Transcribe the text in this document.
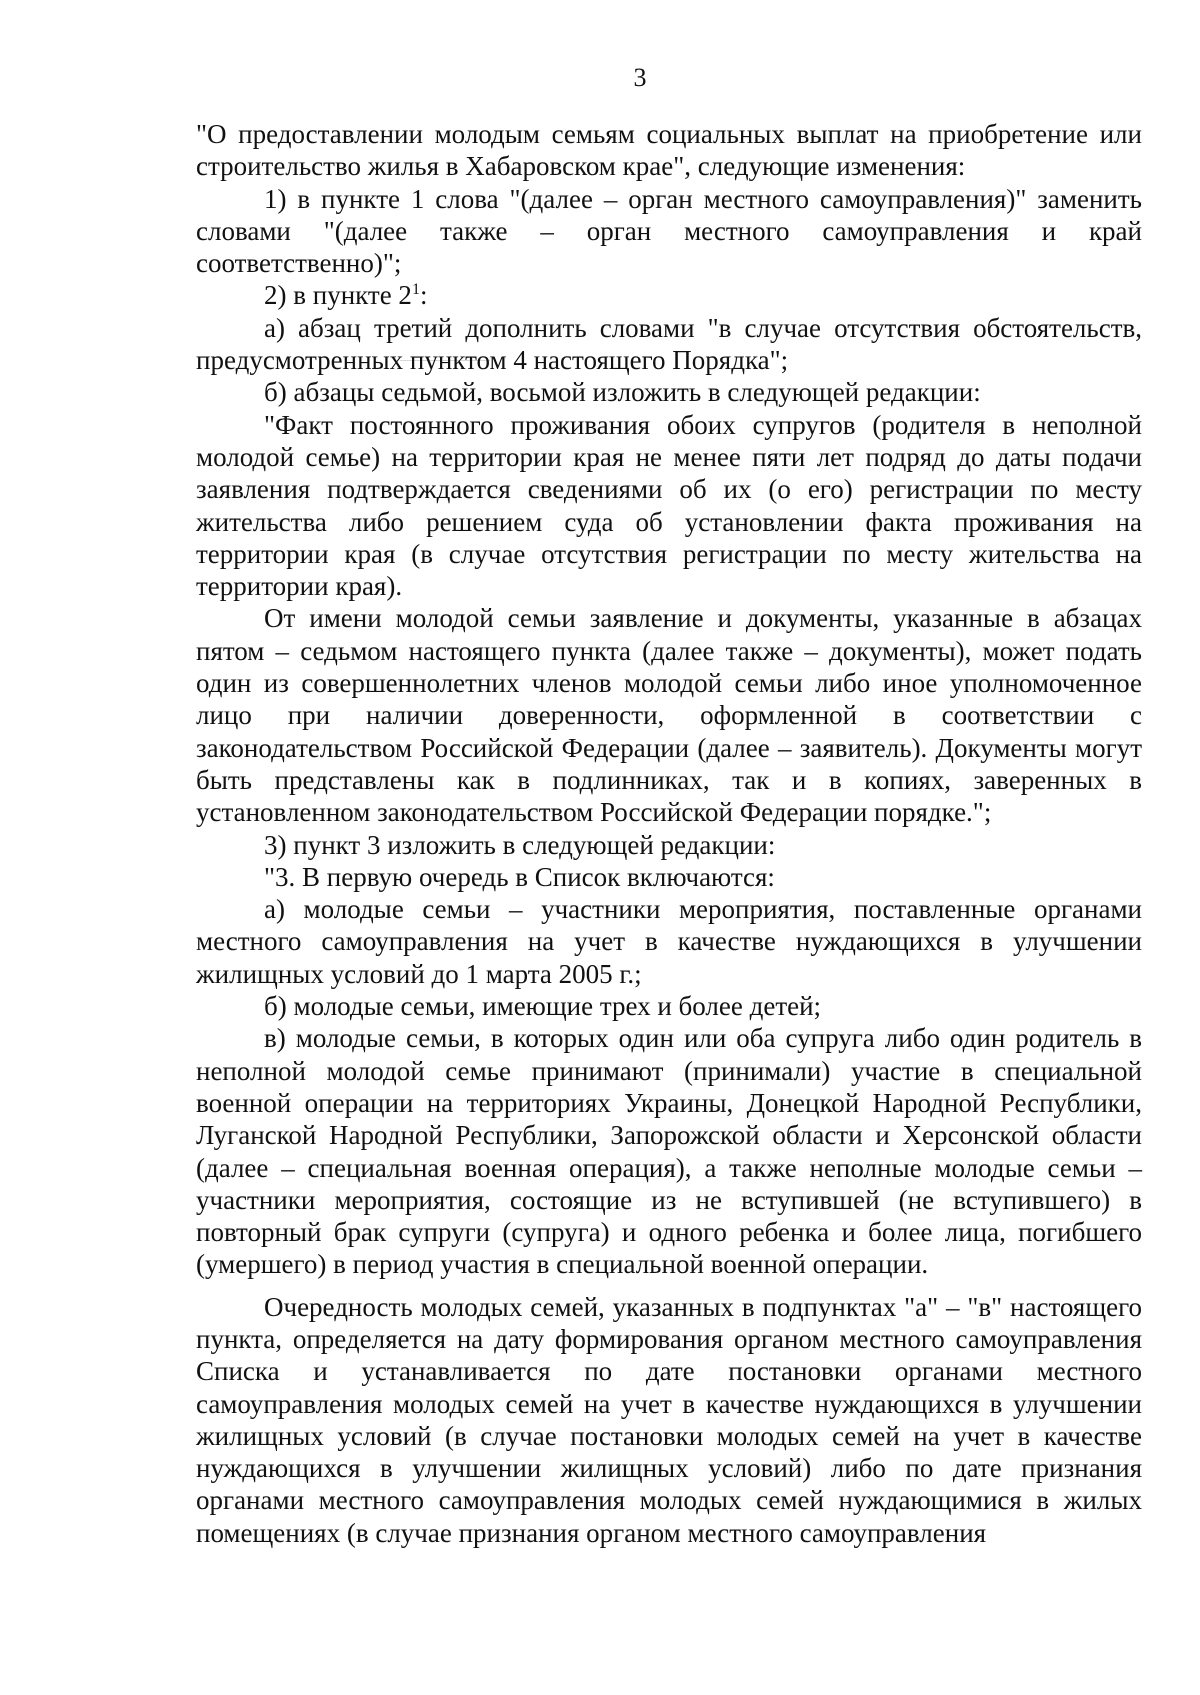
3

"О предоставлении молодым семьям социальных выплат на приобретение или строительство жилья в Хабаровском крае", следующие изменения:

1) в пункте 1 слова "(далее – орган местного самоуправления)" заменить словами "(далее также – орган местного самоуправления и край соответственно)";

2) в пункте $2^1$:

а) абзац третий дополнить словами "в случае отсутствия обстоятельств, предусмотренных пунктом 4 настоящего Порядка";

б) абзацы седьмой, восьмой изложить в следующей редакции:

"Факт постоянного проживания обоих супругов (родителя в неполной молодой семье) на территории края не менее пяти лет подряд до даты подачи заявления подтверждается сведениями об их (о его) регистрации по месту жительства либо решением суда об установлении факта проживания на территории края (в случае отсутствия регистрации по месту жительства на территории края).

От имени молодой семьи заявление и документы, указанные в абзацах пятом – седьмом настоящего пункта (далее также – документы), может подать один из совершеннолетних членов молодой семьи либо иное уполномоченное лицо при наличии доверенности, оформленной в соответствии с законодательством Российской Федерации (далее – заявитель). Документы могут быть представлены как в подлинниках, так и в копиях, заверенных в установленном законодательством Российской Федерации порядке.";

3) пункт 3 изложить в следующей редакции:

"3. В первую очередь в Список включаются:

а) молодые семьи – участники мероприятия, поставленные органами местного самоуправления на учет в качестве нуждающихся в улучшении жилищных условий до 1 марта 2005 г.;

б) молодые семьи, имеющие трех и более детей;

в) молодые семьи, в которых один или оба супруга либо один родитель в неполной молодой семье принимают (принимали) участие в специальной военной операции на территориях Украины, Донецкой Народной Республики, Луганской Народной Республики, Запорожской области и Херсонской области (далее – специальная военная операция), а также неполные молодые семьи – участники мероприятия, состоящие из не вступившей (не вступившего) в повторный брак супруги (супруга) и одного ребенка и более лица, погибшего (умершего) в период участия в специальной военной операции.

Очередность молодых семей, указанных в подпунктах "а" – "в" настоящего пункта, определяется на дату формирования органом местного самоуправления Списка и устанавливается по дате постановки органами местного самоуправления молодых семей на учет в качестве нуждающихся в улучшении жилищных условий (в случае постановки молодых семей на учет в качестве нуждающихся в улучшении жилищных условий) либо по дате признания органами местного самоуправления молодых семей нуждающимися в жилых помещениях (в случае признания органом местного самоуправления
